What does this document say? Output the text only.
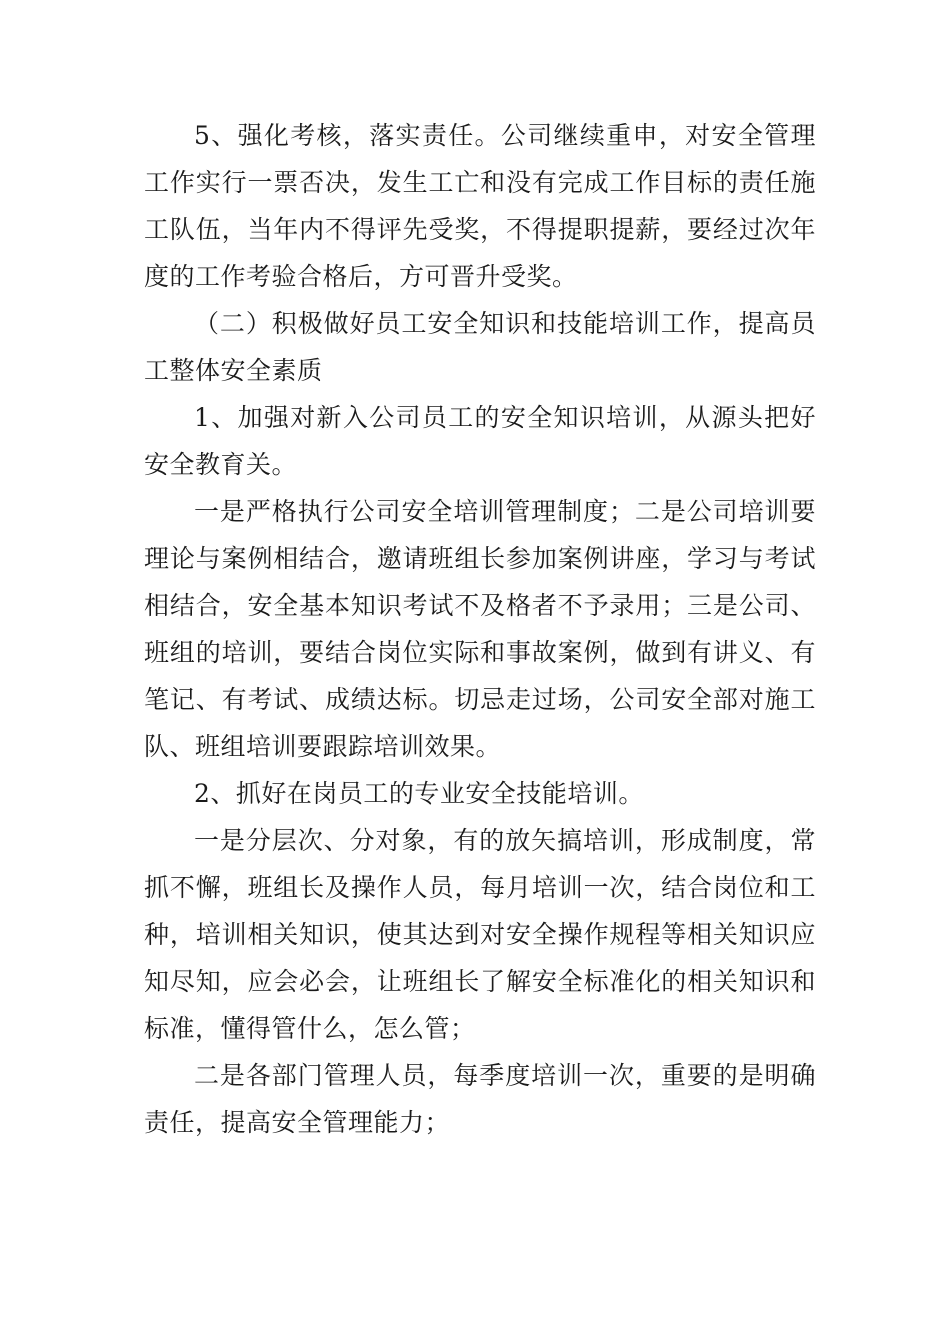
5、强化考核，落实责任。公司继续重申，对安全管理工作实行一票否决，发生工亡和没有完成工作目标的责任施工队伍，当年内不得评先受奖，不得提职提薪，要经过次年度的工作考验合格后，方可晋升受奖。

（二）积极做好员工安全知识和技能培训工作，提高员工整体安全素质

1、加强对新入公司员工的安全知识培训，从源头把好安全教育关。

一是严格执行公司安全培训管理制度；二是公司培训要理论与案例相结合，邀请班组长参加案例讲座，学习与考试相结合，安全基本知识考试不及格者不予录用；三是公司、班组的培训，要结合岗位实际和事故案例，做到有讲义、有笔记、有考试、成绩达标。切忌走过场，公司安全部对施工队、班组培训要跟踪培训效果。

2、抓好在岗员工的专业安全技能培训。

一是分层次、分对象，有的放矢搞培训，形成制度，常抓不懈，班组长及操作人员，每月培训一次，结合岗位和工种，培训相关知识，使其达到对安全操作规程等相关知识应知尽知，应会必会，让班组长了解安全标准化的相关知识和标准，懂得管什么，怎么管；

二是各部门管理人员，每季度培训一次，重要的是明确责任，提高安全管理能力；
